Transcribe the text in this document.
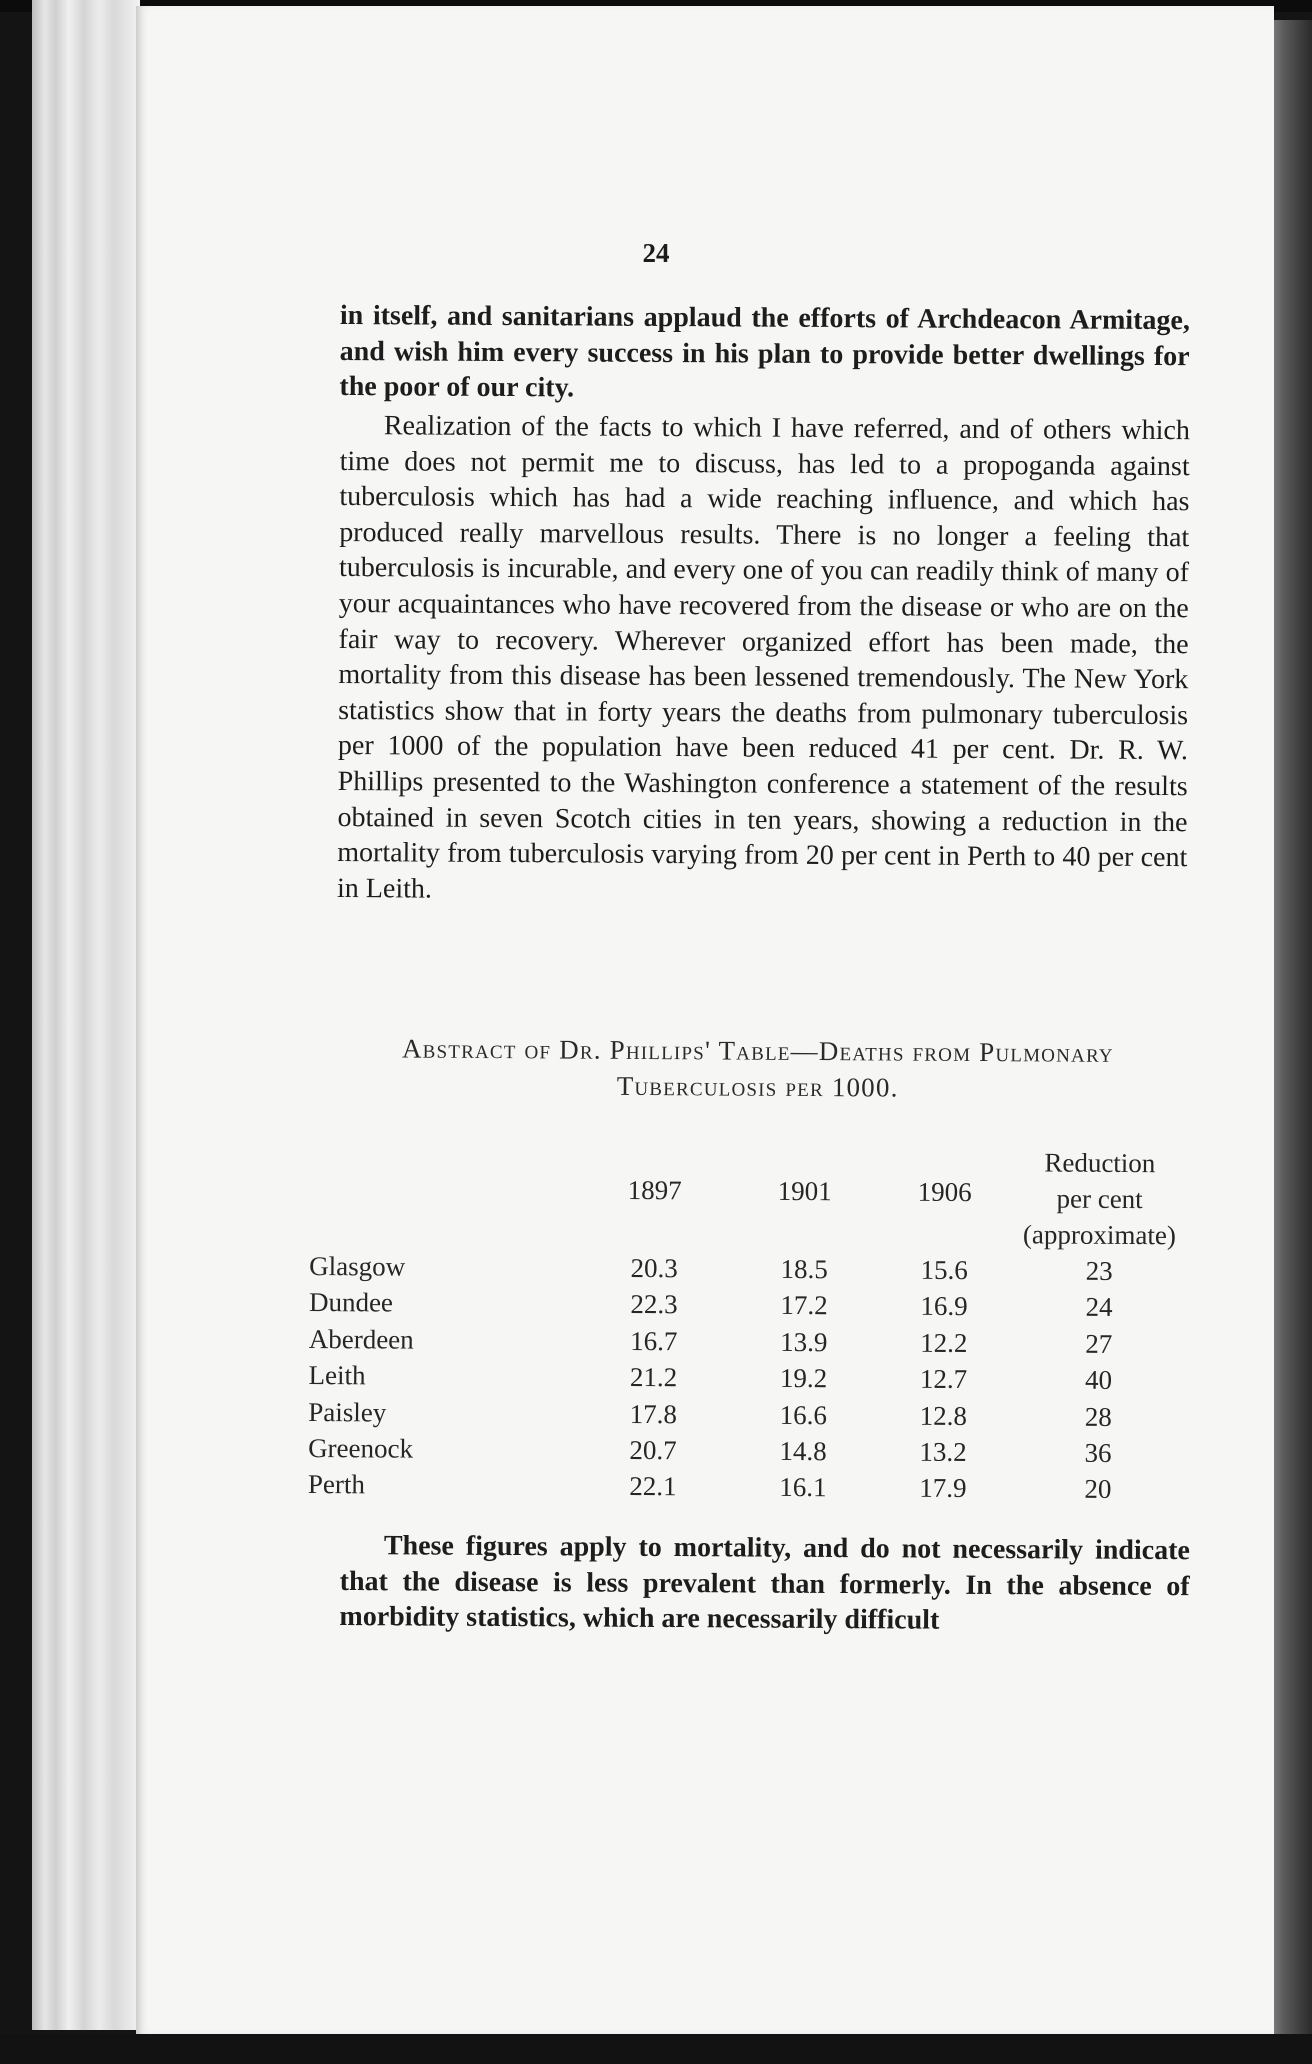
24

in itself, and sanitarians applaud the efforts of Archdeacon Armitage, and wish him every success in his plan to provide better dwellings for the poor of our city.

Realization of the facts to which I have referred, and of others which time does not permit me to discuss, has led to a propoganda against tuberculosis which has had a wide reaching influence, and which has produced really marvellous results. There is no longer a feeling that tuberculosis is incurable, and every one of you can readily think of many of your acquaintances who have recovered from the disease or who are on the fair way to recovery. Wherever organized effort has been made, the mortality from this disease has been lessened tremendously. The New York statistics show that in forty years the deaths from pulmonary tuberculosis per 1000 of the population have been reduced 41 per cent. Dr. R. W. Phillips presented to the Washington conference a statement of the results obtained in seven Scotch cities in ten years, showing a reduction in the mortality from tuberculosis varying from 20 per cent in Perth to 40 per cent in Leith.

Abstract of Dr. Phillips' Table—Deaths from Pulmonary
Tuberculosis per 1000.
	1897	1901	1906	Reduction
per cent
(approximate)

Glasgow	20.3	18.5	15.6	23
Dundee	22.3	17.2	16.9	24
Aberdeen	16.7	13.9	12.2	27
Leith	21.2	19.2	12.7	40
Paisley	17.8	16.6	12.8	28
Greenock	20.7	14.8	13.2	36
Perth	22.1	16.1	17.9	20

These figures apply to mortality, and do not necessarily indicate that the disease is less prevalent than formerly. In the absence of morbidity statistics, which are necessarily difficult
